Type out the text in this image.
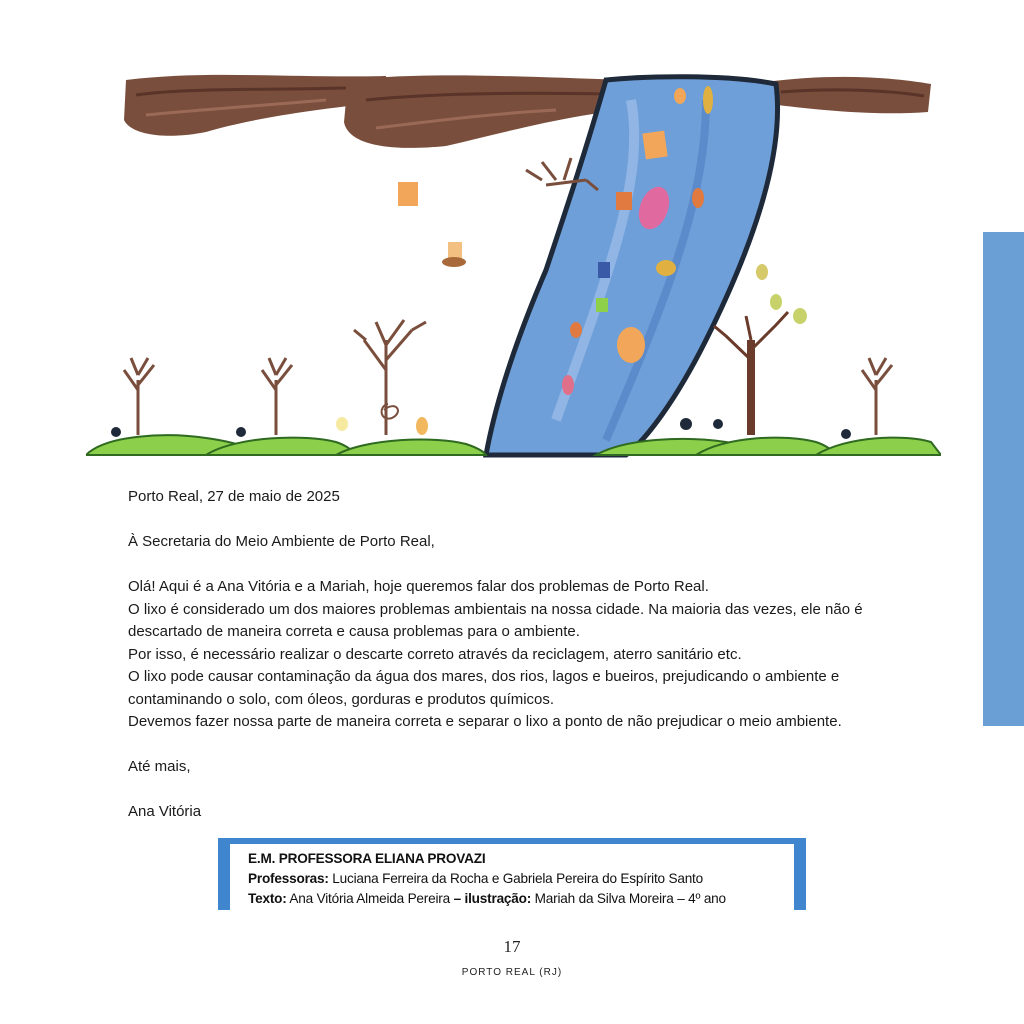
Porto Real, 27 de maio de 2025

À Secretaria do Meio Ambiente de Porto Real,

Olá! Aqui é a Ana Vitória e a Mariah, hoje queremos falar dos problemas de Porto Real.

O lixo é considerado um dos maiores problemas ambientais na nossa cidade. Na maioria das vezes, ele não é descartado de maneira correta e causa problemas para o ambiente.

Por isso, é necessário realizar o descarte correto através da reciclagem, aterro sanitário etc.

O lixo pode causar contaminação da água dos mares, dos rios, lagos e bueiros, prejudicando o ambiente e contaminando o solo, com óleos, gorduras e produtos químicos.

Devemos fazer nossa parte de maneira correta e separar o lixo a ponto de não prejudicar o meio ambiente.

Até mais,

Ana Vitória

E.M. PROFESSORA ELIANA PROVAZI
Professoras: Luciana Ferreira da Rocha e Gabriela Pereira do Espírito Santo
Texto: Ana Vitória Almeida Pereira – ilustração: Mariah da Silva Moreira – 4º ano
17
PORTO REAL (RJ)
